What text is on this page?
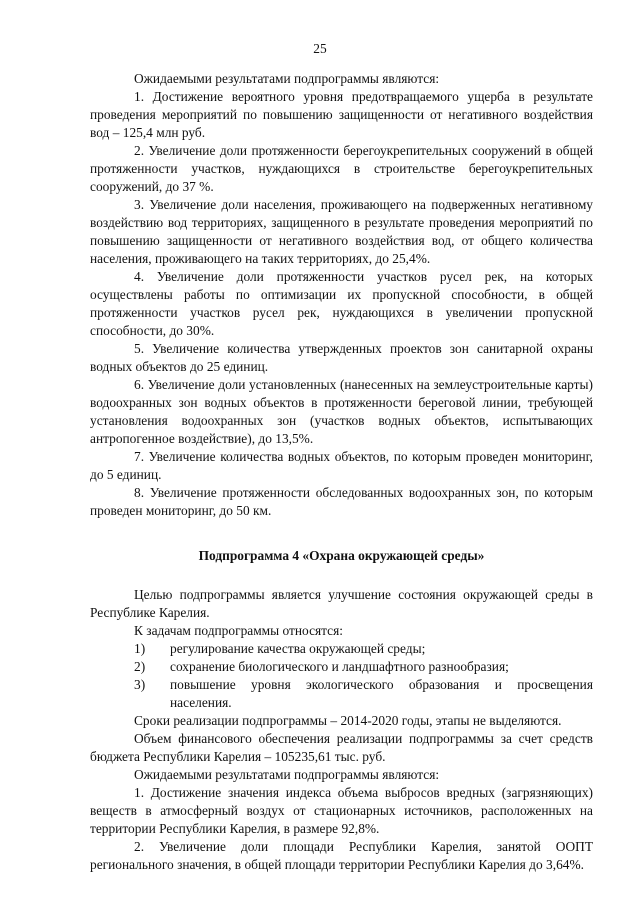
25

Ожидаемыми результатами подпрограммы являются:

1. Достижение вероятного уровня предотвращаемого ущерба в результате проведения мероприятий по повышению защищенности от негативного воздействия вод – 125,4 млн руб.

2. Увеличение доли протяженности берегоукрепительных сооружений в общей протяженности участков, нуждающихся в строительстве берегоукрепительных сооружений, до 37 %.

3. Увеличение доли населения, проживающего на подверженных негативному воздействию вод территориях, защищенного в результате проведения мероприятий по повышению защищенности от негативного воздействия вод, от общего количества населения, проживающего на таких территориях, до 25,4%.

4. Увеличение доли протяженности участков русел рек, на которых осуществлены работы по оптимизации их пропускной способности, в общей протяженности участков русел рек, нуждающихся в увеличении пропускной способности, до 30%.

5. Увеличение количества утвержденных проектов зон санитарной охраны водных объектов до 25 единиц.

6. Увеличение доли установленных (нанесенных на землеустроительные карты) водоохранных зон водных объектов в протяженности береговой линии, требующей установления водоохранных зон (участков водных объектов, испытывающих антропогенное воздействие), до 13,5%.

7. Увеличение количества водных объектов, по которым проведен мониторинг, до 5 единиц.

8. Увеличение протяженности обследованных водоохранных зон, по которым проведен мониторинг, до 50 км.

Подпрограмма 4 «Охрана окружающей среды»

Целью подпрограммы является улучшение состояния окружающей среды в Республике Карелия.

К задачам подпрограммы относятся:

1)	регулирование качества окружающей среды;
2)	сохранение биологического и ландшафтного разнообразия;
3)	повышение уровня экологического образования и просвещения населения.

Сроки реализации подпрограммы – 2014-2020 годы, этапы не выделяются.

Объем финансового обеспечения реализации подпрограммы за счет средств бюджета Республики Карелия – 105235,61 тыс. руб.

Ожидаемыми результатами подпрограммы являются:

1. Достижение значения индекса объема выбросов вредных (загрязняющих) веществ в атмосферный воздух от стационарных источников, расположенных на территории Республики Карелия, в размере 92,8%.

2. Увеличение доли площади Республики Карелия, занятой ООПТ регионального значения, в общей площади территории Республики Карелия до 3,64%.
